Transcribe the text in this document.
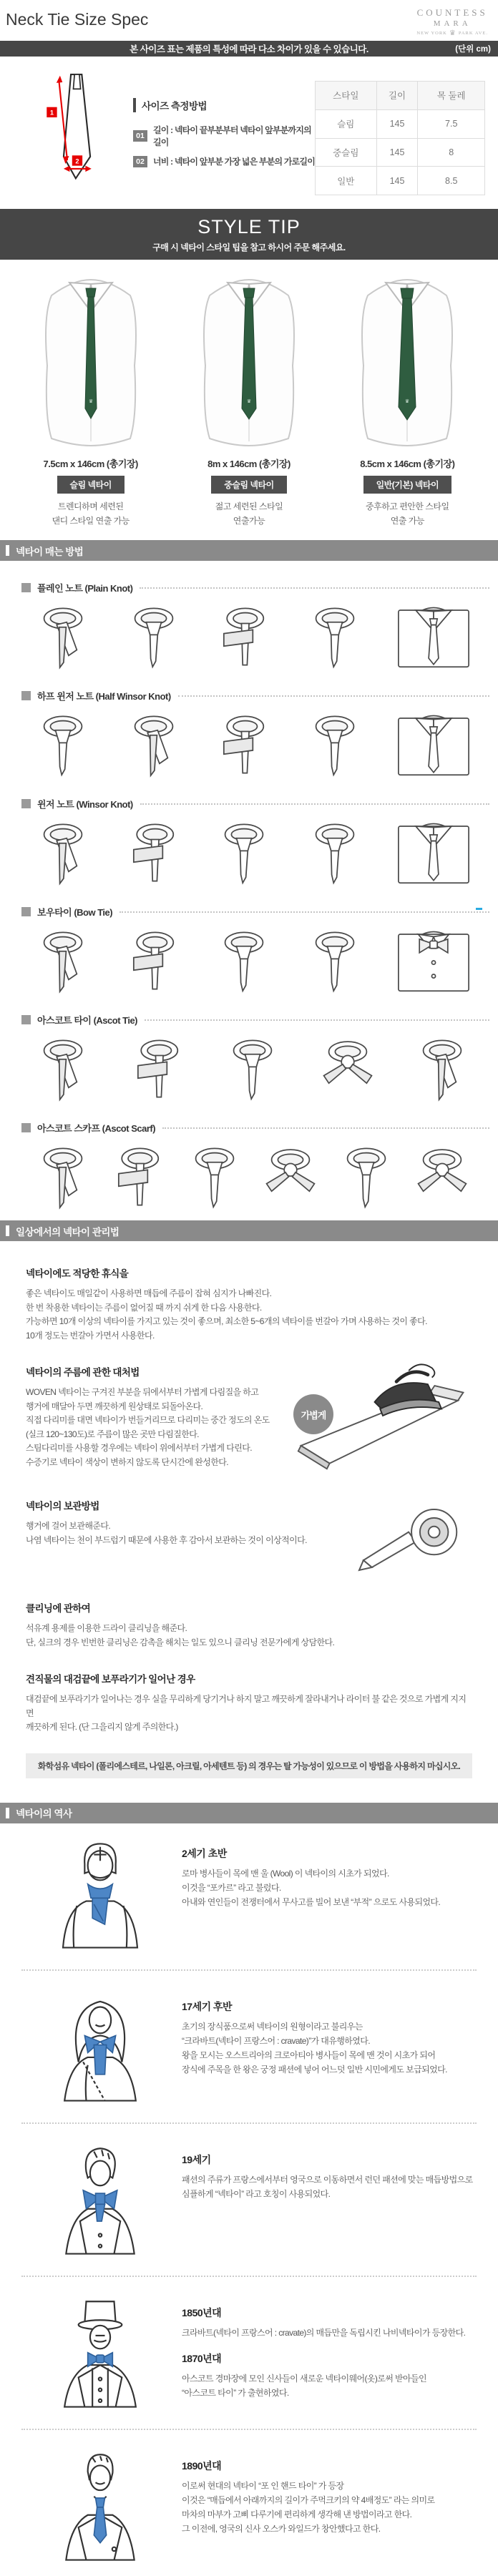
Neck Tie Size Spec	COUNTESS
MARA
NEW YORK ♛ PARK AVE.
본 사이즈 표는 제품의 특성에 따라 다소 차이가 있을 수 있습니다.	(단위 cm)
1
2
사이즈 측정방법
01
길이 : 넥타이 끝부분부터 넥타이 앞부분까지의 길이
02	너비 : 넥타이 앞부분 가장 넓은 부분의 가로길이
스타일	길이	목 둘레
슬림	145	7.5
중슬림	145	8
일반	145	8.5
STYLE TIP
구매 시 넥타이 스타일 팁을 참고 하시어 주문 해주세요.
♛
7.5cm x 146cm (총기장)
슬림 넥타이
트렌디하며 세련된
댄디 스타일 연출 가능
♛
8m x 146cm (총기장)
중슬림 넥타이
젊고 세련된 스타일
연출가능
♛
8.5cm x 146cm (총기장)
일반(기본) 넥타이
중후하고 편안한 스타일
연출 가능
넥타이 매는 방법
플레인 노트 (Plain Knot)
하프 윈저 노트 (Half Winsor Knot)
윈저 노트 (Winsor Knot)
보우타이 (Bow Tie)
아스코트 타이 (Ascot Tie)
아스코트 스카프 (Ascot Scarf)
일상에서의 넥타이 관리법
넥타이에도 적당한 휴식을
좋은 넥타이도 매일같이 사용하면 매듭에 주름이 잡혀 심지가 나빠진다.
한 번 착용한 넥타이는 주름이 없어질 때 까지 쉬게 한 다음 사용한다.
가능하면 10개 이상의 넥타이를 가지고 있는 것이 좋으며, 최소한 5~6개의 넥타이를 번갈아 가며 사용하는 것이 좋다.
10개 정도는 번갈아 가면서 사용한다.
넥타이의 주름에 관한 대처법
WOVEN 넥타이는 구겨진 부분을 뒤에서부터 가볍게 다림질을 하고
행거에 매달아 두면 깨끗하게 원상태로 되돌아온다.
직접 다리미를 대면 넥타이가 번들거리므로 다리미는 중간 정도의 온도
(실크 120~130도)로 주름이 많은 곳만 다림질한다.
스팀다리미를 사용할 경우에는 넥타이 위에서부터 가볍게 다린다.
수증기로 넥타이 색상이 변하지 않도록 단시간에 완성한다.
가볍게
넥타이의 보관방법
행거에 걸어 보관해준다.
나염 넥타이는 천이 부드럽기 때문에 사용한 후 감아서 보관하는 것이 이상적이다.
클리닝에 관하여
석유계 용제를 이용한 드라이 클리닝을 해준다.
단, 실크의 경우 빈번한 클리닝은 감촉을 해치는 일도 있으니 클리닝 전문가에게 상담한다.
견직물의 대검끝에 보푸라기가 일어난 경우
대검끝에 보푸라기가 일어나는 경우 실을 무리하게 당기거나 하지 말고 깨끗하게 잘라내거나 라이터 불 같은 것으로 가볍게 지지면
깨끗하게 된다. (단 그을리지 않게 주의한다.)
화학섬유 넥타이 (폴리에스테르, 나일론, 아크릴, 아세텐트 등) 의 경우는 탈 가능성이 있으므로 이 방법을 사용하지 마십시오.
넥타이의 역사
2세기 초반
로마 병사들이 목에 맨 울 (Wool) 이 넥타이의 시초가 되었다.
이것을 “포카르” 라고 불렀다.
아내와 연인들이 전쟁터에서 무사고를 빌어 보낸 “부적” 으로도 사용되었다.
17세기 후반
초기의 장식품으로써 넥타이의 원형이라고 불리우는
“크라바트(넥타이 프랑스어 : cravate)”가 대유행하였다.
왕을 모시는 오스트리아의 크로아티아 병사들이 목에 맨 것이 시초가 되어
장식에 주목을 한 왕은 궁정 패션에 넣어 어느덧 일반 시민에게도 보급되었다.
19세기
패션의 주류가 프랑스에서부터 영국으로 이동하면서 런던 패션에 맞는 매듭방법으로
심플하게 “넥타이” 라고 호칭이 사용되었다.
1850년대
크라바트(넥타이 프랑스어 : cravate)의 매듭만을 독립시킨 나비넥타이가 등장한다.
1870년대
아스코트 경마장에 모인 신사들이 새로운 넥타이웨어(옷)로써 받아들인
“아스코트 타이” 가 출현하였다.
1890년대
이로써 현대의 넥타이 “포 인 핸드 타이” 가 등장
이것은 “매듭에서 아래까지의 길이가 주먹크키의 약 4배정도” 라는 의미로
마차의 마부가 고삐 다루기에 편리하게 생각해 낸 방법이라고 한다.
그 이전에, 영국의 신사 오스카 와일드가 창안했다고 한다.
